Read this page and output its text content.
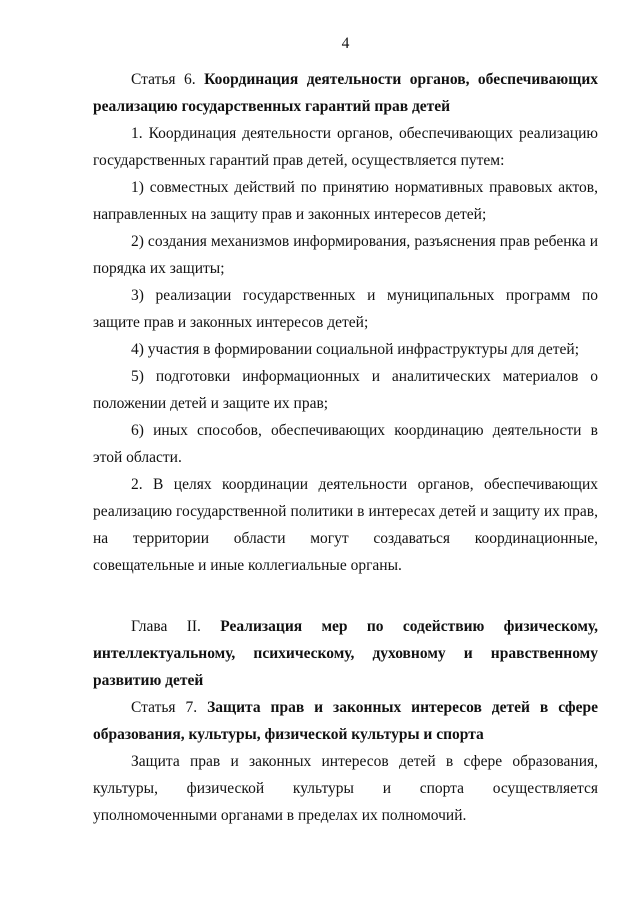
4

Статья 6. Координация деятельности органов, обеспечивающих реализацию государственных гарантий прав детей

1. Координация деятельности органов, обеспечивающих реализацию государственных гарантий прав детей, осуществляется путем:

1) совместных действий по принятию нормативных правовых актов, направленных на защиту прав и законных интересов детей;

2) создания механизмов информирования, разъяснения прав ребенка и порядка их защиты;

3) реализации государственных и муниципальных программ по защите прав и законных интересов детей;

4) участия в формировании социальной инфраструктуры для детей;

5) подготовки информационных и аналитических материалов о положении детей и защите их прав;

6) иных способов, обеспечивающих координацию деятельности в этой области.

2. В целях координации деятельности органов, обеспечивающих реализацию государственной политики в интересах детей и защиту их прав, на территории области могут создаваться координационные, совещательные и иные коллегиальные органы.

Глава II. Реализация мер по содействию физическому, интеллектуальному, психическому, духовному и нравственному развитию детей

Статья 7. Защита прав и законных интересов детей в сфере образования, культуры, физической культуры и спорта

Защита прав и законных интересов детей в сфере образования, культуры, физической культуры и спорта осуществляется уполномоченными органами в пределах их полномочий.
